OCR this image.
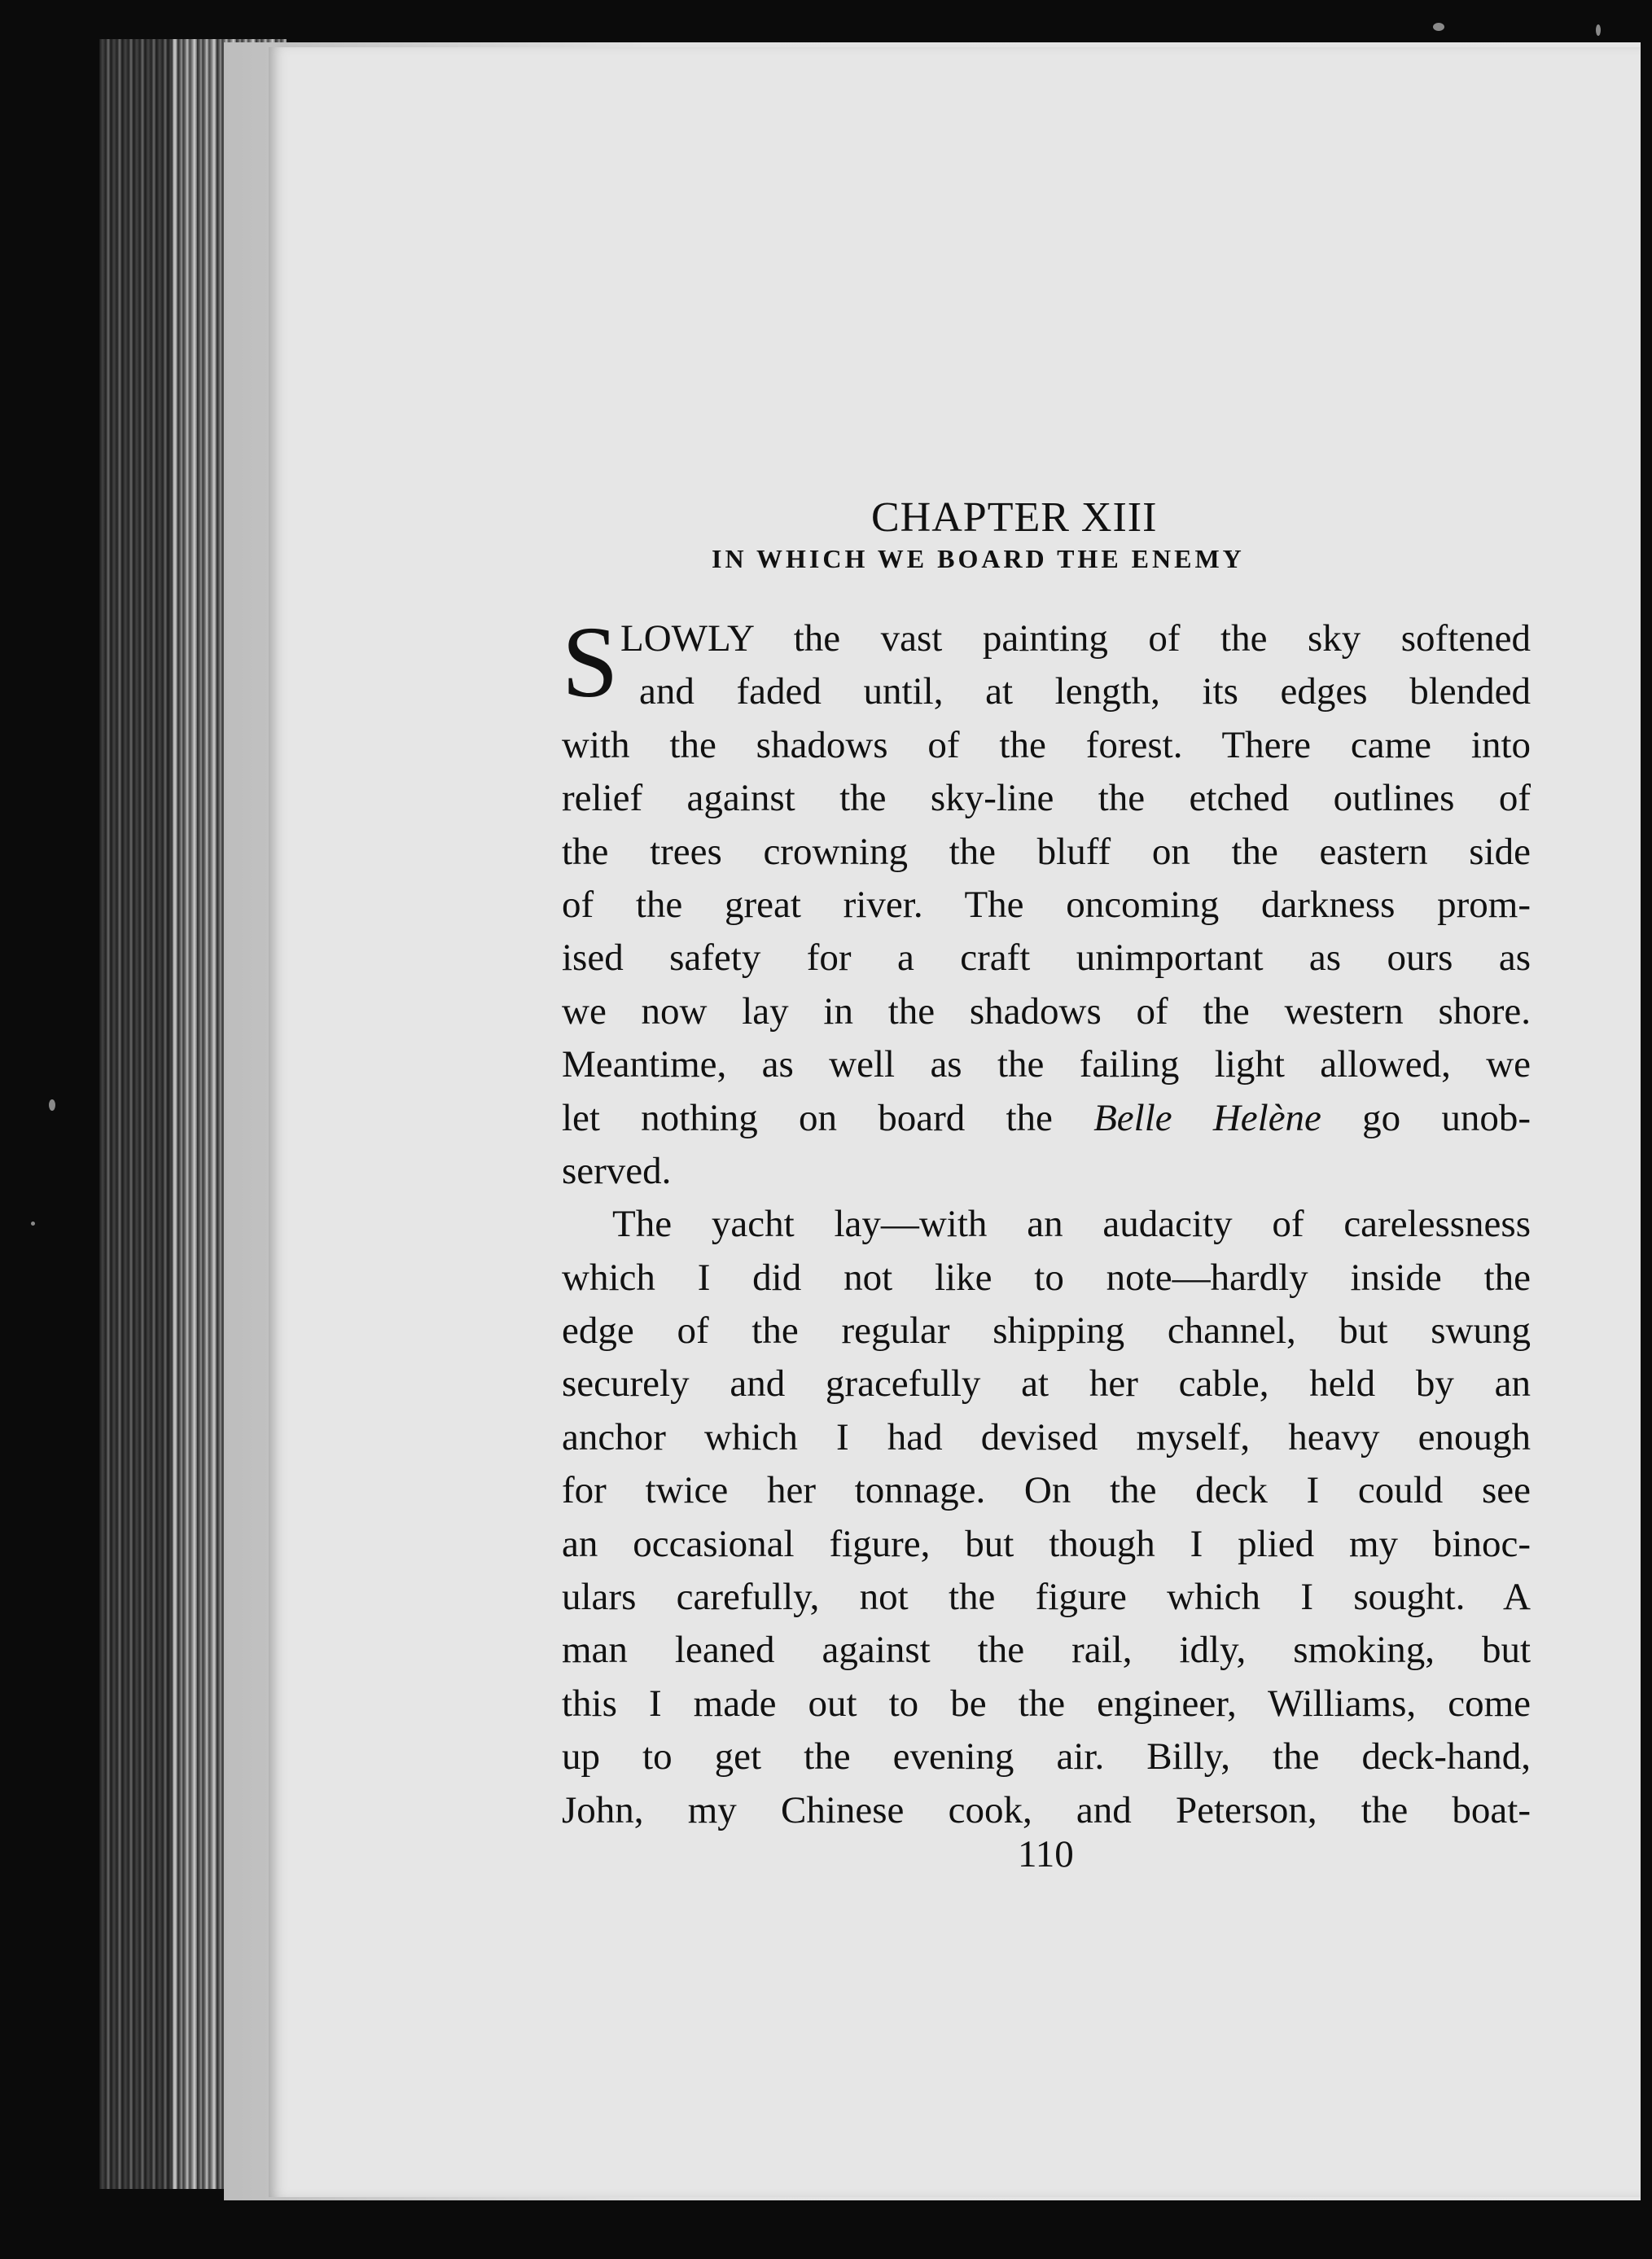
CHAPTER XIII
IN WHICH WE BOARD THE ENEMY
S LOWLY the vast painting of the sky softened
and faded until, at length, its edges blended
with the shadows of the forest. There came into
relief against the sky-line the etched outlines of
the trees crowning the bluff on the eastern side
of the great river. The oncoming darkness prom-
ised safety for a craft unimportant as ours as
we now lay in the shadows of the western shore.
Meantime, as well as the failing light allowed, we
let nothing on board the Belle Helène go unob-
served.
The yacht lay—with an audacity of carelessness
which I did not like to note—hardly inside the
edge of the regular shipping channel, but swung
securely and gracefully at her cable, held by an
anchor which I had devised myself, heavy enough
for twice her tonnage. On the deck I could see
an occasional figure, but though I plied my binoc-
ulars carefully, not the figure which I sought. A
man leaned against the rail, idly, smoking, but
this I made out to be the engineer, Williams, come
up to get the evening air. Billy, the deck-hand,
John, my Chinese cook, and Peterson, the boat-
110
